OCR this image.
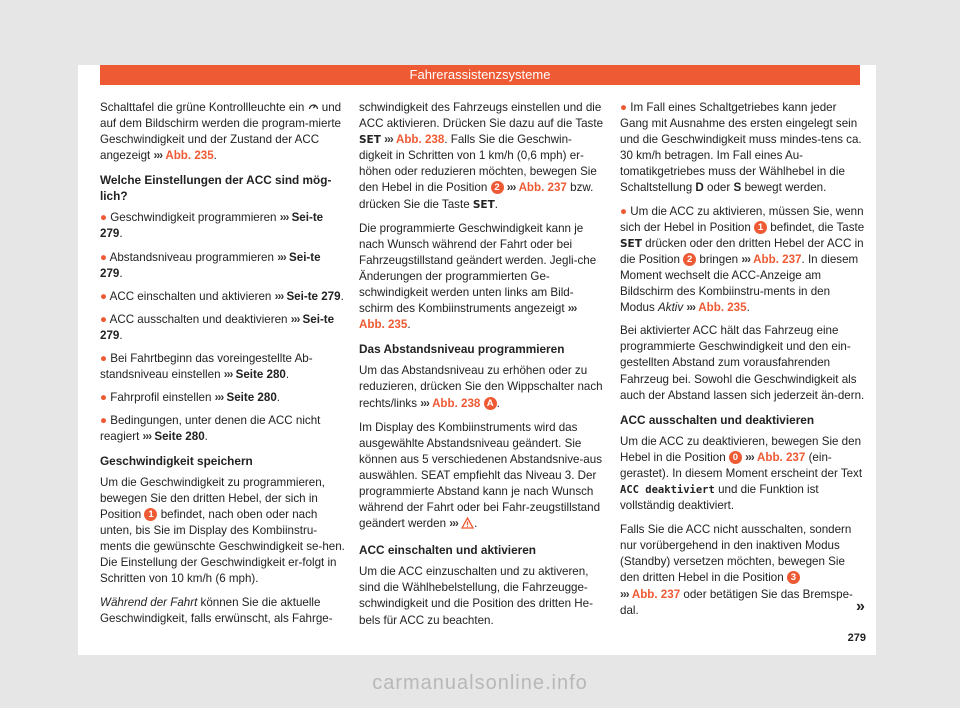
Fahrerassistenzsysteme

Schalttafel die grüne Kontrollleuchte ein und auf dem Bildschirm werden die program-mierte Geschwindigkeit und der Zustand der ACC angezeigt ››› Abb. 235.

Welche Einstellungen der ACC sind mög-lich?

● Geschwindigkeit programmieren ››› Sei-te 279.

● Abstandsniveau programmieren ››› Sei-te 279.

● ACC einschalten und aktivieren ››› Sei-te 279.

● ACC ausschalten und deaktivieren ››› Sei-te 279.

● Bei Fahrtbeginn das voreingestellte Ab-standsniveau einstellen ››› Seite 280.

● Fahrprofil einstellen ››› Seite 280.

● Bedingungen, unter denen die ACC nicht reagiert ››› Seite 280.

Geschwindigkeit speichern

Um die Geschwindigkeit zu programmieren, bewegen Sie den dritten Hebel, der sich in Position 1 befindet, nach oben oder nach unten, bis Sie im Display des Kombiinstru-ments die gewünschte Geschwindigkeit se-hen. Die Einstellung der Geschwindigkeit er-folgt in Schritten von 10 km/h (6 mph).

Während der Fahrt können Sie die aktuelle Geschwindigkeit, falls erwünscht, als Fahrge-

schwindigkeit des Fahrzeugs einstellen und die ACC aktivieren. Drücken Sie dazu auf die Taste SET ››› Abb. 238. Falls Sie die Geschwin-digkeit in Schritten von 1 km/h (0,6 mph) er-höhen oder reduzieren möchten, bewegen Sie den Hebel in die Position 2 ››› Abb. 237 bzw. drücken Sie die Taste SET.

Die programmierte Geschwindigkeit kann je nach Wunsch während der Fahrt oder bei Fahrzeugstillstand geändert werden. Jegli-che Änderungen der programmierten Ge-schwindigkeit werden unten links am Bild-schirm des Kombiinstruments angezeigt ››› Abb. 235.

Das Abstandsniveau programmieren

Um das Abstandsniveau zu erhöhen oder zu reduzieren, drücken Sie den Wippschalter nach rechts/links ››› Abb. 238 A .

Im Display des Kombiinstruments wird das ausgewählte Abstandsniveau geändert. Sie können aus 5 verschiedenen Abstandsnive-aus auswählen. SEAT empfiehlt das Niveau 3. Der programmierte Abstand kann je nach Wunsch während der Fahrt oder bei Fahr-zeugstillstand geändert werden ››› .

ACC einschalten und aktivieren

Um die ACC einzuschalten und zu aktiveren, sind die Wählhebelstellung, die Fahrzeugge-schwindigkeit und die Position des dritten He-bels für ACC zu beachten.

● Im Fall eines Schaltgetriebes kann jeder Gang mit Ausnahme des ersten eingelegt sein und die Geschwindigkeit muss mindes-tens ca. 30 km/h betragen. Im Fall eines Au-tomatikgetriebes muss der Wählhebel in die Schaltstellung D oder S bewegt werden.

● Um die ACC zu aktivieren, müssen Sie, wenn sich der Hebel in Position 1 befindet, die Taste SET drücken oder den dritten Hebel der ACC in die Position 2 bringen ››› Abb. 237. In diesem Moment wechselt die ACC-Anzeige am Bildschirm des Kombiinstru-ments in den Modus Aktiv ››› Abb. 235.

Bei aktivierter ACC hält das Fahrzeug eine programmierte Geschwindigkeit und den ein-gestellten Abstand zum vorausfahrenden Fahrzeug bei. Sowohl die Geschwindigkeit als auch der Abstand lassen sich jederzeit än-dern.

ACC ausschalten und deaktivieren

Um die ACC zu deaktivieren, bewegen Sie den Hebel in die Position 0 ››› Abb. 237 (ein-gerastet). In diesem Moment erscheint der Text ACC deaktiviert und die Funktion ist vollständig deaktiviert.

Falls Sie die ACC nicht ausschalten, sondern nur vorübergehend in den inaktiven Modus (Standby) versetzen möchten, bewegen Sie den dritten Hebel in die Position 3
››› Abb. 237 oder betätigen Sie das Bremspe-dal.	»
279
carmanualsonline.info
